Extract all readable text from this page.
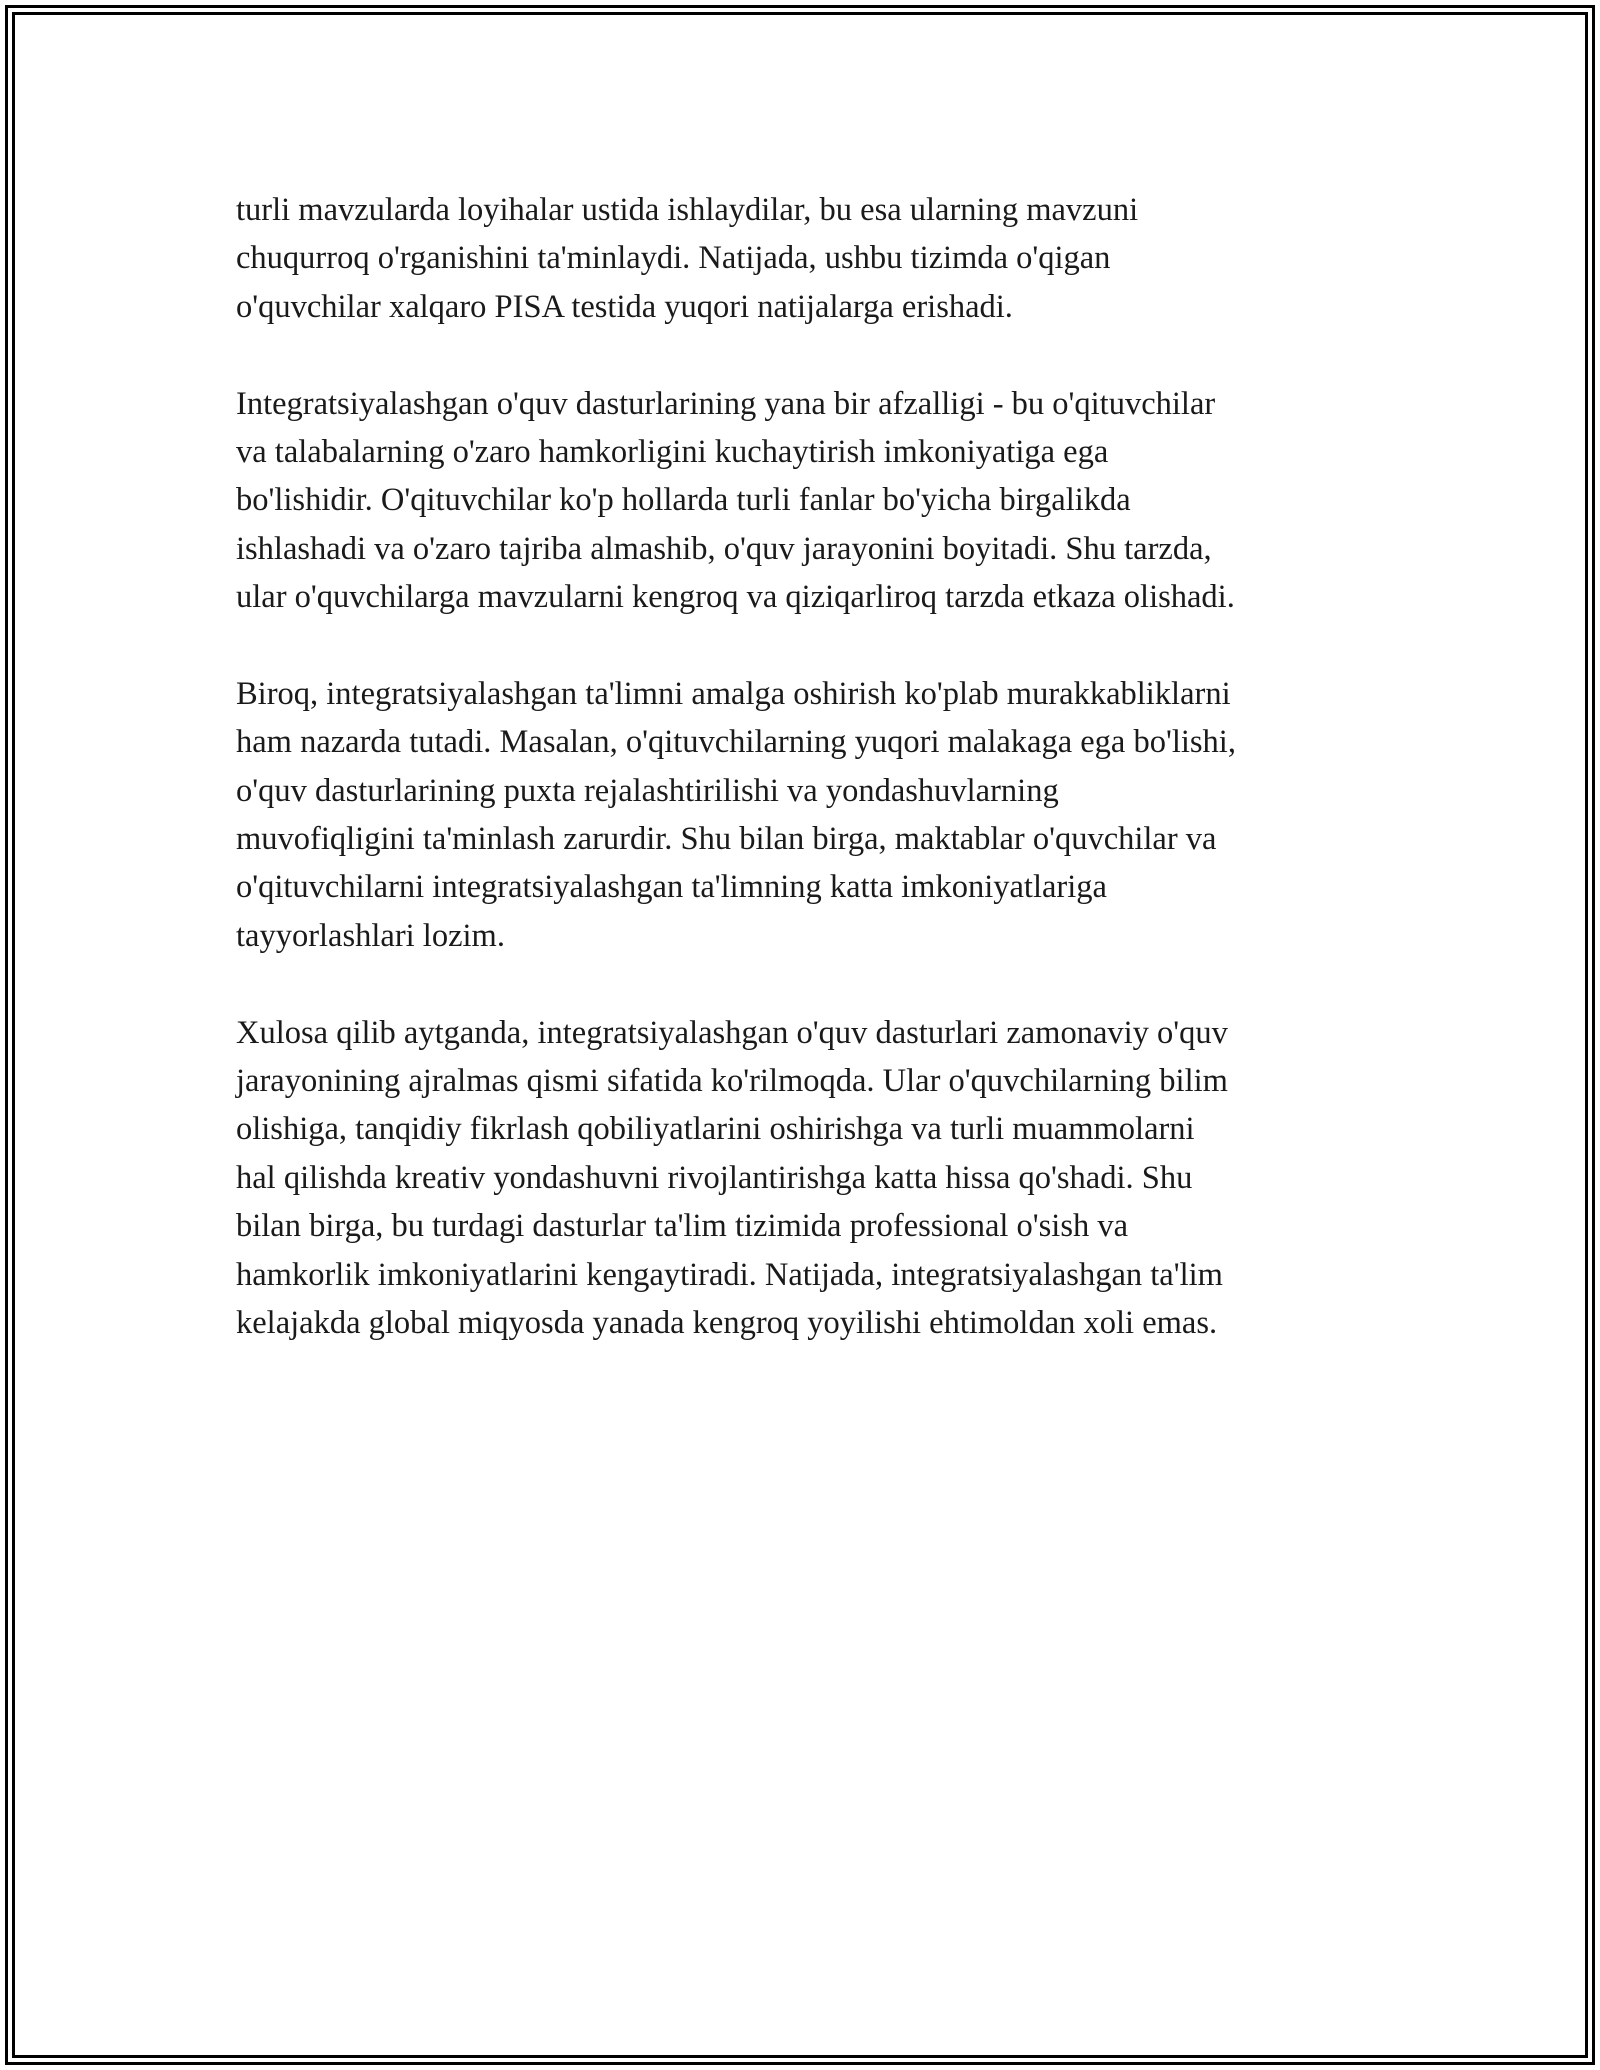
turli mavzularda loyihalar ustida ishlaydilar, bu esa ularning mavzuni
chuqurroq o'rganishini ta'minlaydi. Natijada, ushbu tizimda o'qigan
o'quvchilar xalqaro PISA testida yuqori natijalarga erishadi.
Integratsiyalashgan o'quv dasturlarining yana bir afzalligi - bu o'qituvchilar
va talabalarning o'zaro hamkorligini kuchaytirish imkoniyatiga ega
bo'lishidir. O'qituvchilar ko'p hollarda turli fanlar bo'yicha birgalikda
ishlashadi va o'zaro tajriba almashib, o'quv jarayonini boyitadi. Shu tarzda,
ular o'quvchilarga mavzularni kengroq va qiziqarliroq tarzda etkaza olishadi.
Biroq, integratsiyalashgan ta'limni amalga oshirish ko'plab murakkabliklarni
ham nazarda tutadi. Masalan, o'qituvchilarning yuqori malakaga ega bo'lishi,
o'quv dasturlarining puxta rejalashtirilishi va yondashuvlarning
muvofiqligini ta'minlash zarurdir. Shu bilan birga, maktablar o'quvchilar va
o'qituvchilarni integratsiyalashgan ta'limning katta imkoniyatlariga
tayyorlashlari lozim.
Xulosa qilib aytganda, integratsiyalashgan o'quv dasturlari zamonaviy o'quv
jarayonining ajralmas qismi sifatida ko'rilmoqda. Ular o'quvchilarning bilim
olishiga, tanqidiy fikrlash qobiliyatlarini oshirishga va turli muammolarni
hal qilishda kreativ yondashuvni rivojlantirishga katta hissa qo'shadi. Shu
bilan birga, bu turdagi dasturlar ta'lim tizimida professional o'sish va
hamkorlik imkoniyatlarini kengaytiradi. Natijada, integratsiyalashgan ta'lim
kelajakda global miqyosda yanada kengroq yoyilishi ehtimoldan xoli emas.
